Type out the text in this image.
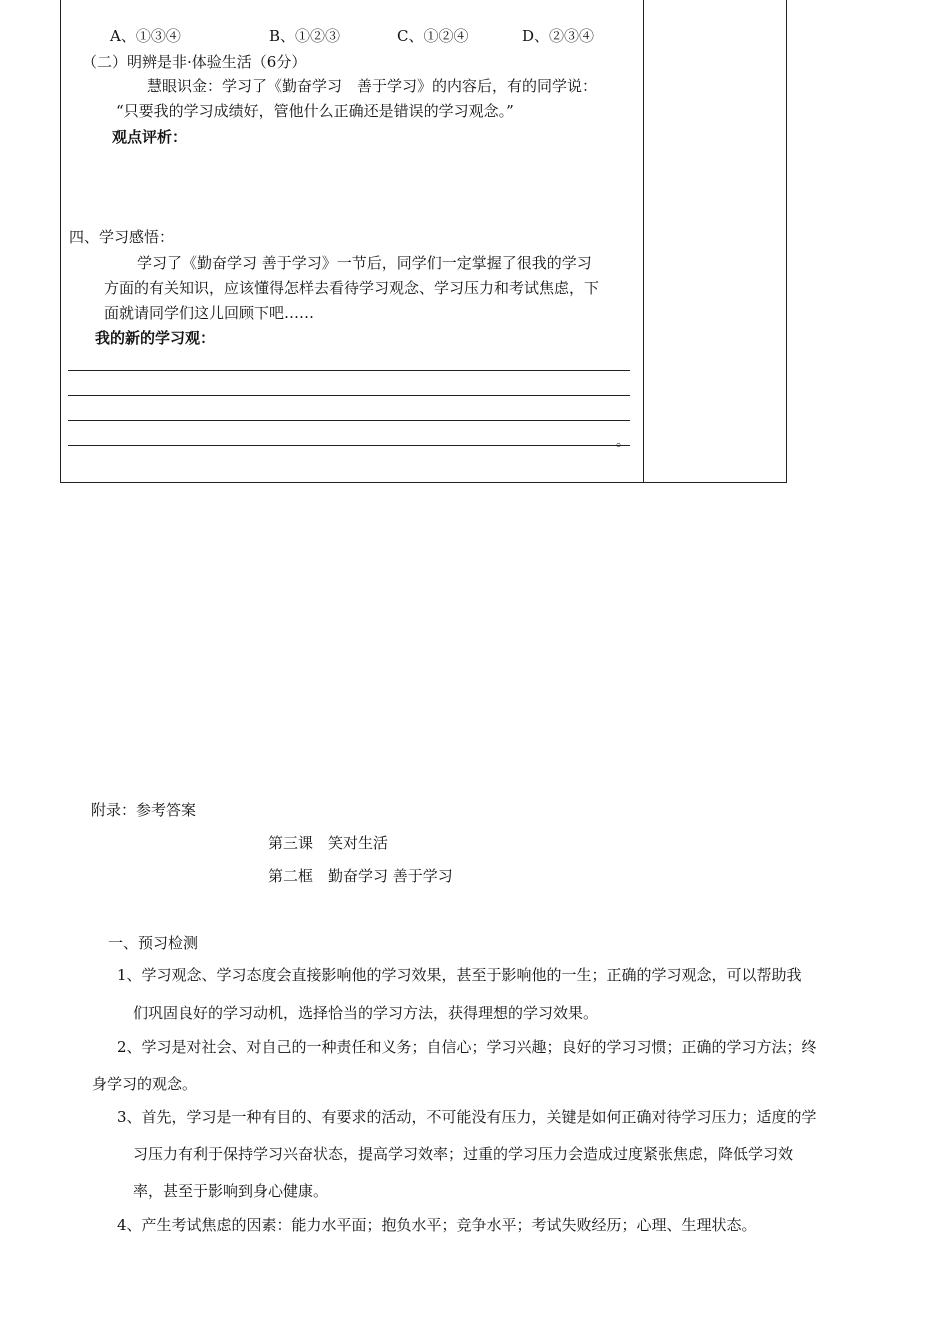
A、①③④	B、①②③	C、①②④	D、②③④
（二）明辨是非·体验生活（6分）
慧眼识金：学习了《勤奋学习　善于学习》的内容后，有的同学说：
“只要我的学习成绩好，管他什么正确还是错误的学习观念。”
观点评析：
四、学习感悟：
学习了《勤奋学习 善于学习》一节后，同学们一定掌握了很我的学习
方面的有关知识，应该懂得怎样去看待学习观念、学习压力和考试焦虑，下
面就请同学们这儿回顾下吧……
我的新的学习观：
。
附录：参考答案
第三课　笑对生活
第二框　勤奋学习 善于学习
一、预习检测
1、学习观念、学习态度会直接影响他的学习效果，甚至于影响他的一生；正确的学习观念，可以帮助我
们巩固良好的学习动机，选择恰当的学习方法，获得理想的学习效果。
2、学习是对社会、对自己的一种责任和义务；自信心；学习兴趣；良好的学习习惯；正确的学习方法；终
身学习的观念。
3、首先，学习是一种有目的、有要求的活动，不可能没有压力，关键是如何正确对待学习压力；适度的学
习压力有利于保持学习兴奋状态，提高学习效率；过重的学习压力会造成过度紧张焦虑，降低学习效
率，甚至于影响到身心健康。
4、产生考试焦虑的因素：能力水平面；抱负水平；竞争水平；考试失败经历；心理、生理状态。
